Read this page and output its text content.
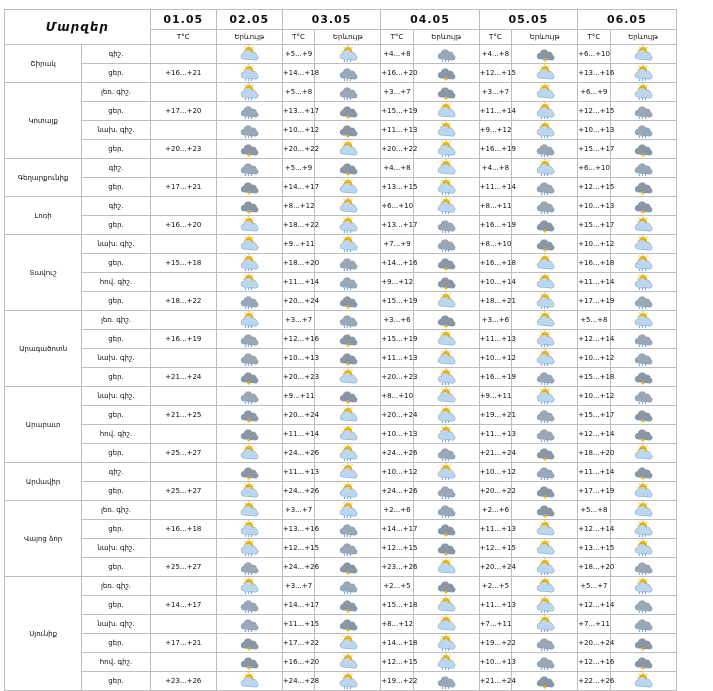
Մարզեր		01.05	02.05	03.05		04.05		05.05		06.05	
		T°C		Երևույթ	T°C	Երևույթ	T°C	Երևույթ	T°C	Երևույթ	T°C	Երևույթ

Շիրակ	գիշ.				+5...+9		+4...+8		+4...+8		+6...+10	

	ցեր.	+16...+21			+14...+18		+16...+20		+12...+15		+13...+16	

Կոտայք	լեռ. գիշ.				+5...+8		+3...+7		+3...+7		+6...+9	

	ցեր.	+17...+20			+13...+17		+15...+19		+11...+14		+12...+15	

	նախ. գիշ.				+10...+12		+11...+13		+9...+12		+10...+13	

	ցեր.	+20...+23			+20...+22		+20...+22		+16...+19		+15...+17	

Գեղարքունիք	գիշ.				+5...+9		+4...+8		+4...+8		+6...+10	

	ցեր.	+17...+21			+14...+17		+13...+15		+11...+14		+12...+15	

Լոռի	գիշ.				+8...+12		+6...+10		+8...+11		+10...+13	

	ցեր.	+16...+20			+18...+22		+13...+17		+16...+19		+15...+17	

Տավուշ	նախ. գիշ.				+9...+11		+7...+9		+8...+10		+10...+12	

	ցեր.	+15...+18			+18...+20		+14...+16		+16...+18		+16...+18	

	հով. գիշ.				+11...+14		+9...+12		+10...+14		+11...+14	

	ցեր.	+18...+22			+20...+24		+15...+19		+18...+21		+17...+19	

Արագածոտն	լեռ. գիշ.				+3...+7		+3...+6		+3...+6		+5...+8	

	ցեր.	+16...+19			+12...+16		+15...+19		+11...+13		+12...+14	

	նախ. գիշ.				+10...+13		+11...+13		+10...+12		+10...+12	

	ցեր.	+21...+24			+20...+23		+20...+23		+16...+19		+15...+18	

Արարատ	նախ. գիշ.				+9...+11		+8...+10		+9...+11		+10...+12	

	ցեր.	+21...+25			+20...+24		+20...+24		+19...+21		+15...+17	

	հով. գիշ.				+11...+14		+10...+13		+11...+13		+12...+14	

	ցեր.	+25...+27			+24...+26		+24...+26		+21...+24		+18...+20	

Արմավիր	գիշ.				+11...+13		+10...+12		+10...+12		+11...+14	

	ցեր.	+25...+27			+24...+26		+24...+26		+20...+22		+17...+19	

Վայոց ձոր	լեռ. գիշ.				+3...+7		+2...+6		+2...+6		+5...+8	

	ցեր.	+16...+18			+13...+16		+14...+17		+11...+13		+12...+14	

	նախ. գիշ.				+12...+15		+12...+15		+12...+15		+13...+15	

	ցեր.	+25...+27			+24...+26		+23...+26		+20...+24		+18...+20	

Սյունիք	լեռ. գիշ.				+3...+7		+2...+5		+2...+5		+5...+7	

	ցեր.	+14...+17			+14...+17		+15...+18		+11...+13		+12...+14	

	նախ. գիշ.				+11...+15		+8...+12		+7...+11		+7...+11	

	ցեր.	+17...+21			+17...+22		+14...+18		+19...+22		+20...+24	

	հով. գիշ.				+16...+20		+12...+15		+10...+13		+12...+16	

	ցեր.	+23...+26			+24...+28		+19...+22		+21...+24		+22...+26	
